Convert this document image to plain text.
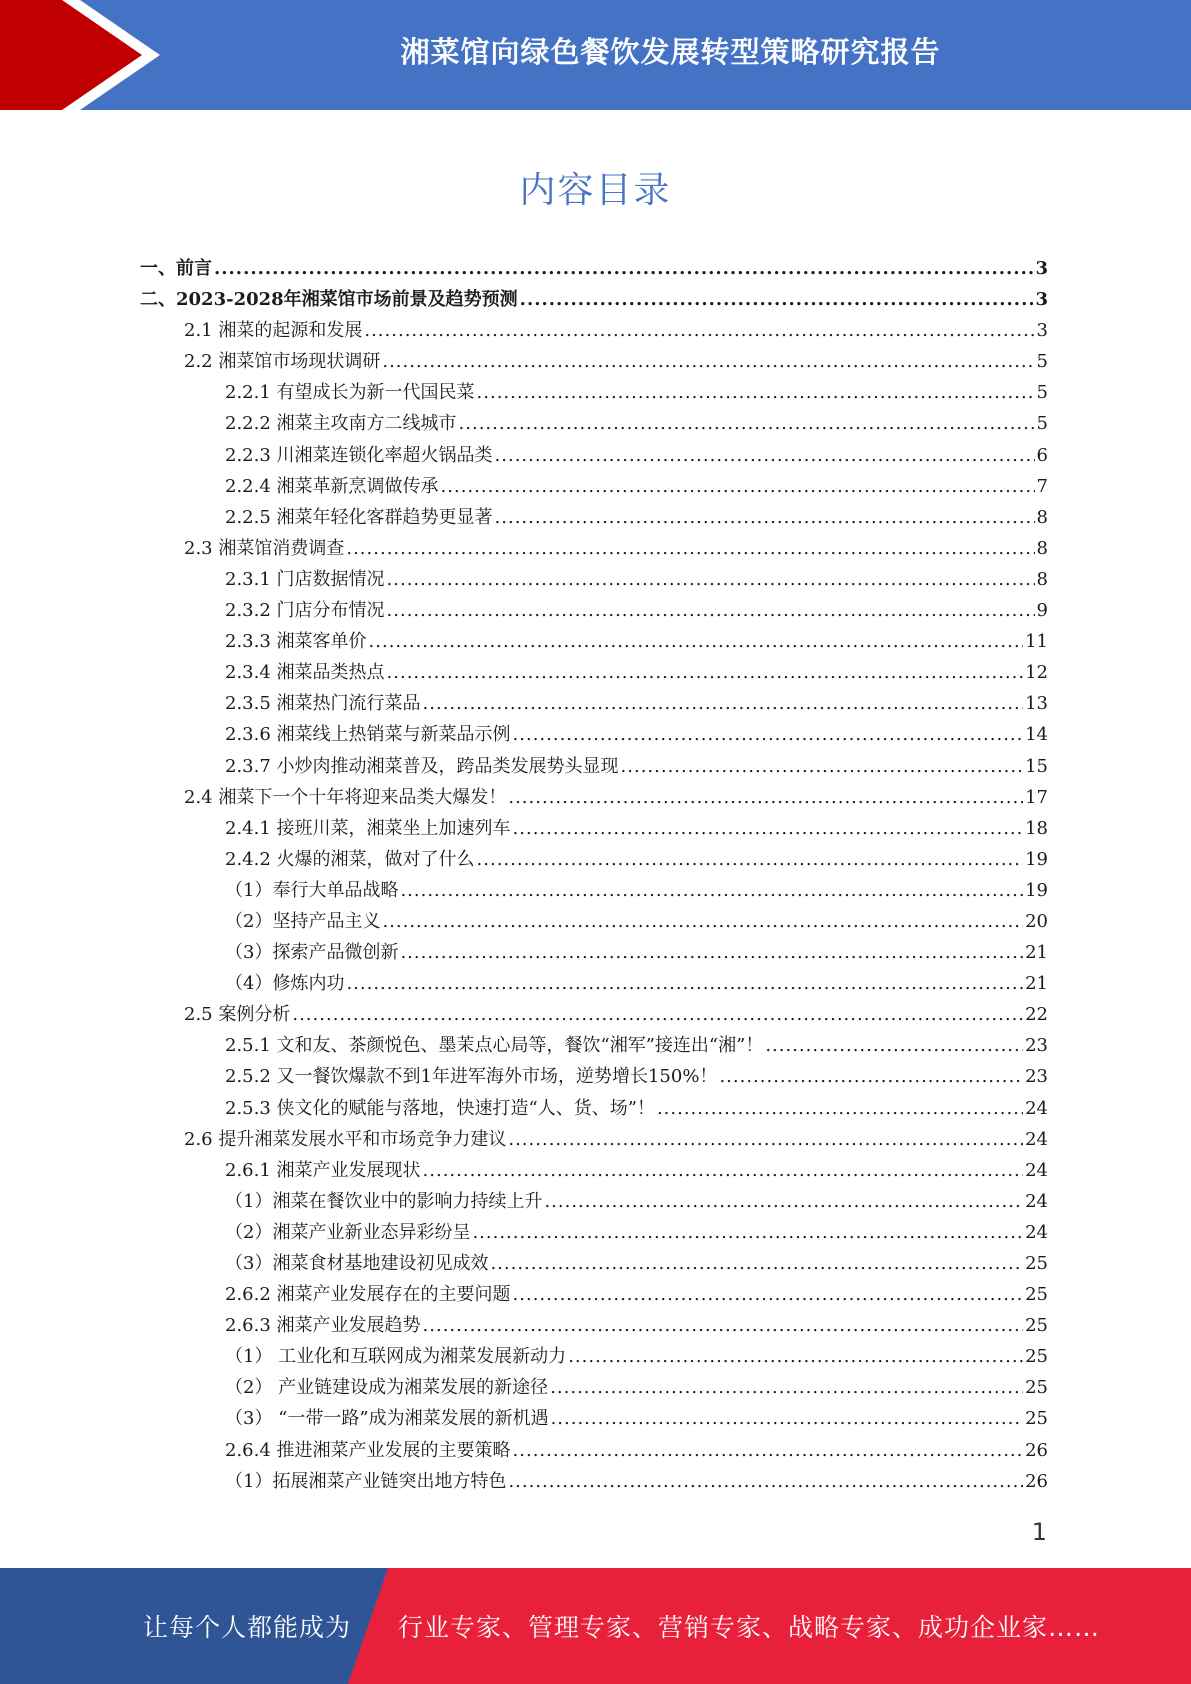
湘菜馆向绿色餐饮发展转型策略研究报告
内容目录
一、前言 .....	3
二、2023-2028年湘菜馆市场前景及趋势预测 .....	3
2.1 湘菜的起源和发展 .....	3
2.2 湘菜馆市场现状调研 .....	5
2.2.1 有望成长为新一代国民菜 .....	5
2.2.2 湘菜主攻南方二线城市 .....	5
2.2.3 川湘菜连锁化率超火锅品类 .....	6
2.2.4 湘菜革新烹调做传承 .....	7
2.2.5 湘菜年轻化客群趋势更显著 .....	8
2.3 湘菜馆消费调查 .....	8
2.3.1 门店数据情况 .....	8
2.3.2 门店分布情况 .....	9
2.3.3 湘菜客单价 .....	11
2.3.4 湘菜品类热点 .....	12
2.3.5 湘菜热门流行菜品 .....	13
2.3.6 湘菜线上热销菜与新菜品示例 .....	14
2.3.7 小炒肉推动湘菜普及，跨品类发展势头显现 .....	15
2.4 湘菜下一个十年将迎来品类大爆发！ .....	17
2.4.1 接班川菜，湘菜坐上加速列车 .....	18
2.4.2 火爆的湘菜，做对了什么 .....	19
（1）奉行大单品战略 .....	19
（2）坚持产品主义 .....	20
（3）探索产品微创新 .....	21
（4）修炼内功 .....	21
2.5 案例分析 .....	22
2.5.1 文和友、茶颜悦色、墨茉点心局等，餐饮“湘军”接连出“湘”！ .....	23
2.5.2 又一餐饮爆款不到1年进军海外市场，逆势增长150%！ .....	23
2.5.3 侠文化的赋能与落地，快速打造“人、货、场”！ .....	24
2.6 提升湘菜发展水平和市场竞争力建议 .....	24
2.6.1 湘菜产业发展现状 .....	24
（1）湘菜在餐饮业中的影响力持续上升 .....	24
（2）湘菜产业新业态异彩纷呈 .....	24
（3）湘菜食材基地建设初见成效 .....	25
2.6.2 湘菜产业发展存在的主要问题 .....	25
2.6.3 湘菜产业发展趋势 .....	25
（1） 工业化和互联网成为湘菜发展新动力 .....	25
（2） 产业链建设成为湘菜发展的新途径 .....	25
（3） “一带一路”成为湘菜发展的新机遇 .....	25
2.6.4 推进湘菜产业发展的主要策略 .....	26
（1）拓展湘菜产业链突出地方特色 .....	26
1
让每个人都能成为 行业专家、管理专家、营销专家、战略专家、成功企业家……
